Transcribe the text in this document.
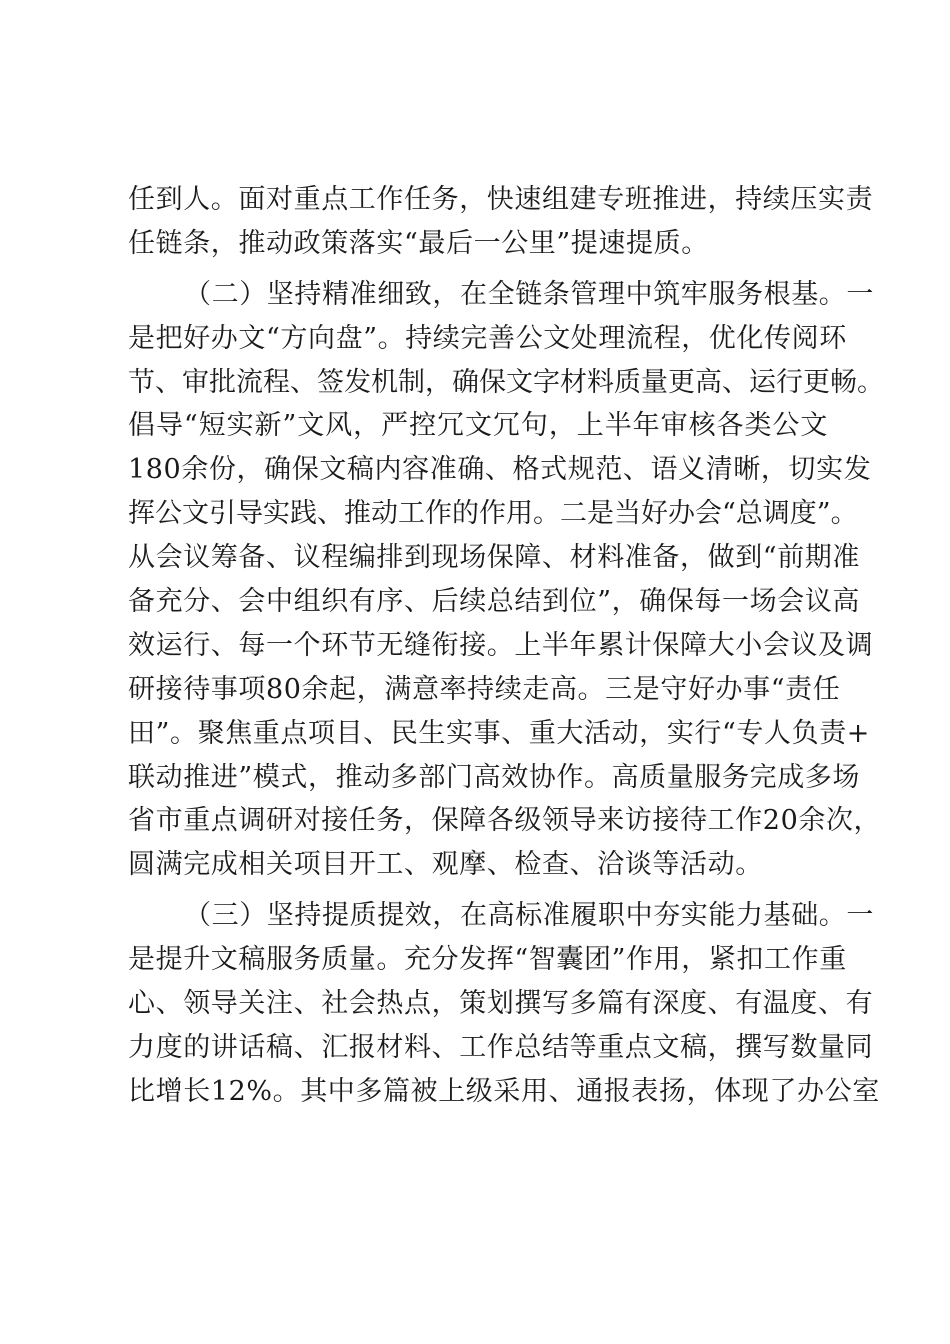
任到人。面对重点工作任务，快速组建专班推进，持续压实责
任链条，推动政策落实“最后一公里”提速提质。
（二）坚持精准细致，在全链条管理中筑牢服务根基。一
是把好办文“方向盘”。持续完善公文处理流程，优化传阅环
节、审批流程、签发机制，确保文字材料质量更高、运行更畅。
倡导“短实新”文风，严控冗文冗句，上半年审核各类公文
180余份，确保文稿内容准确、格式规范、语义清晰，切实发
挥公文引导实践、推动工作的作用。二是当好办会“总调度”。
从会议筹备、议程编排到现场保障、材料准备，做到“前期准
备充分、会中组织有序、后续总结到位”，确保每一场会议高
效运行、每一个环节无缝衔接。上半年累计保障大小会议及调
研接待事项80余起，满意率持续走高。三是守好办事“责任
田”。聚焦重点项目、民生实事、重大活动，实行“专人负责+
联动推进”模式，推动多部门高效协作。高质量服务完成多场
省市重点调研对接任务，保障各级领导来访接待工作20余次，
圆满完成相关项目开工、观摩、检查、洽谈等活动。
（三）坚持提质提效，在高标准履职中夯实能力基础。一
是提升文稿服务质量。充分发挥“智囊团”作用，紧扣工作重
心、领导关注、社会热点，策划撰写多篇有深度、有温度、有
力度的讲话稿、汇报材料、工作总结等重点文稿，撰写数量同
比增长12%。其中多篇被上级采用、通报表扬，体现了办公室
